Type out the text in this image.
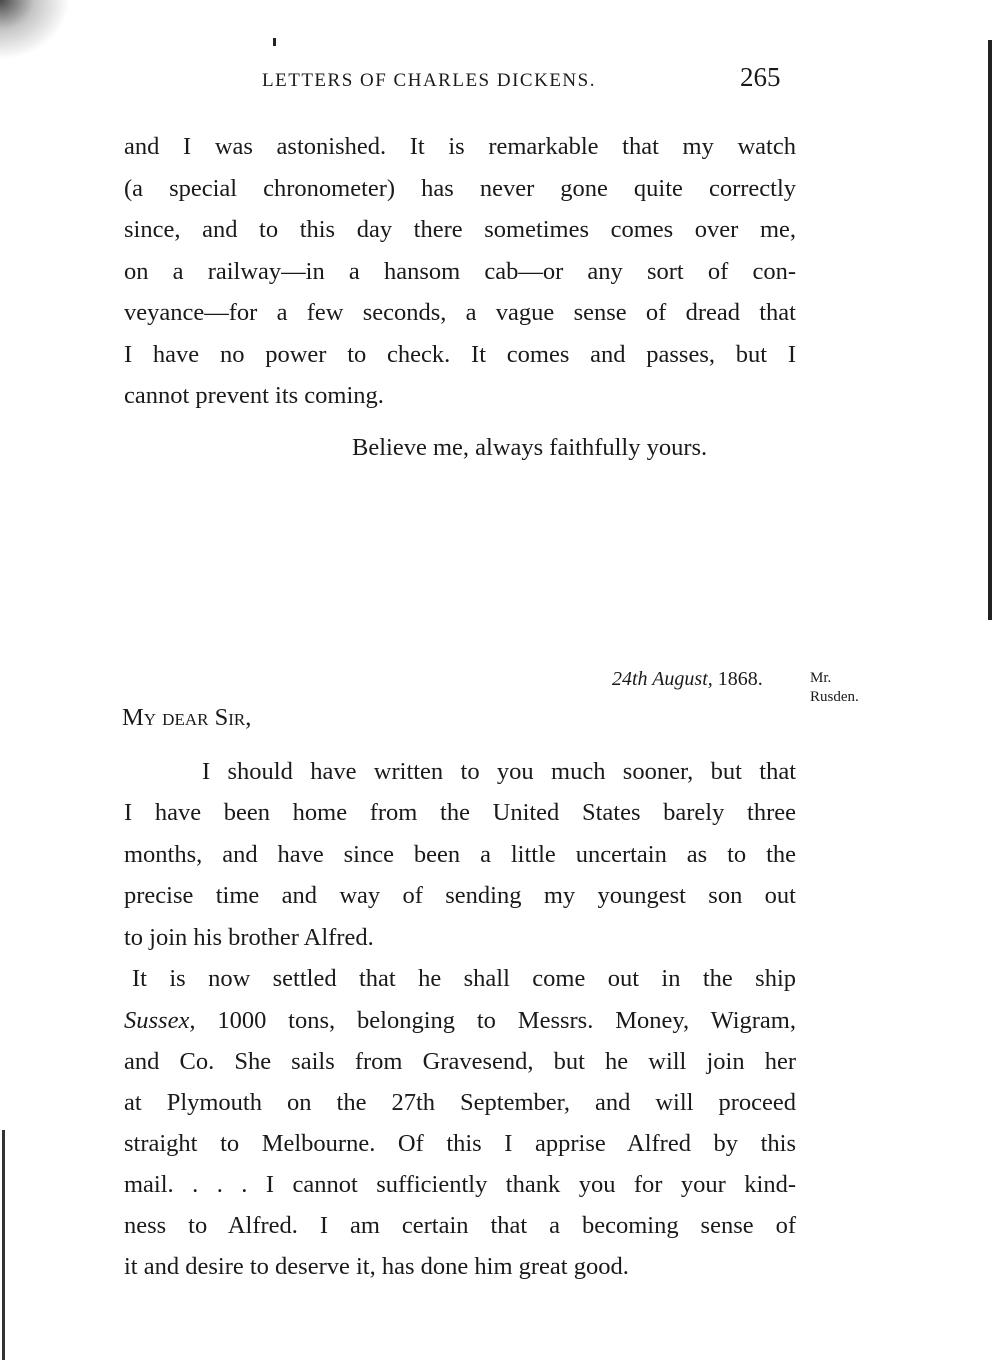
LETTERS OF CHARLES DICKENS.	265
and I was astonished. It is remarkable that my watch
(a special chronometer) has never gone quite correctly
since, and to this day there sometimes comes over me,
on a railway—in a hansom cab—or any sort of con-
veyance—for a few seconds, a vague sense of dread that
I have no power to check. It comes and passes, but I
cannot prevent its coming.
Believe me, always faithfully yours.
24th August, 1868.	Mr.
Rusden.
My dear Sir,
I should have written to you much sooner, but that
I have been home from the United States barely three
months, and have since been a little uncertain as to the
precise time and way of sending my youngest son out
to join his brother Alfred.
It is now settled that he shall come out in the ship
Sussex, 1000 tons, belonging to Messrs. Money, Wigram,
and Co. She sails from Gravesend, but he will join her
at Plymouth on the 27th September, and will proceed
straight to Melbourne. Of this I apprise Alfred by this
mail. . . . I cannot sufficiently thank you for your kind-
ness to Alfred. I am certain that a becoming sense of
it and desire to deserve it, has done him great good.
